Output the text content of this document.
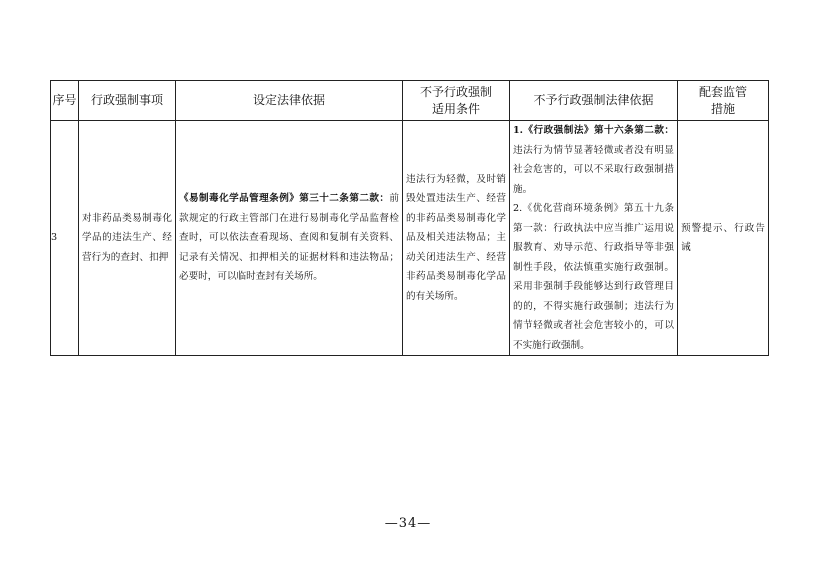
序号	行政强制事项	设定法律依据	不予行政强制适用条件	不予行政强制法律依据	配套监管措施

3	对非药品类易制毒化学品的违法生产、经营行为的查封、扣押	《易制毒化学品管理条例》第三十二条第二款：前款规定的行政主管部门在进行易制毒化学品监督检查时，可以依法查看现场、查阅和复制有关资料、记录有关情况、扣押相关的证据材料和违法物品；必要时，可以临时查封有关场所。	违法行为轻微，及时销毁处置违法生产、经营的非药品类易制毒化学品及相关违法物品；主动关闭违法生产、经营非药品类易制毒化学品的有关场所。	1.《行政强制法》第十六条第二款：违法行为情节显著轻微或者没有明显社会危害的，可以不采取行政强制措施。
2.《优化营商环境条例》第五十九条第一款：行政执法中应当推广运用说服教育、劝导示范、行政指导等非强制性手段，依法慎重实施行政强制。采用非强制手段能够达到行政管理目的的，不得实施行政强制；违法行为情节轻微或者社会危害较小的，可以不实施行政强制。	预警提示、行政告诫
—34—
